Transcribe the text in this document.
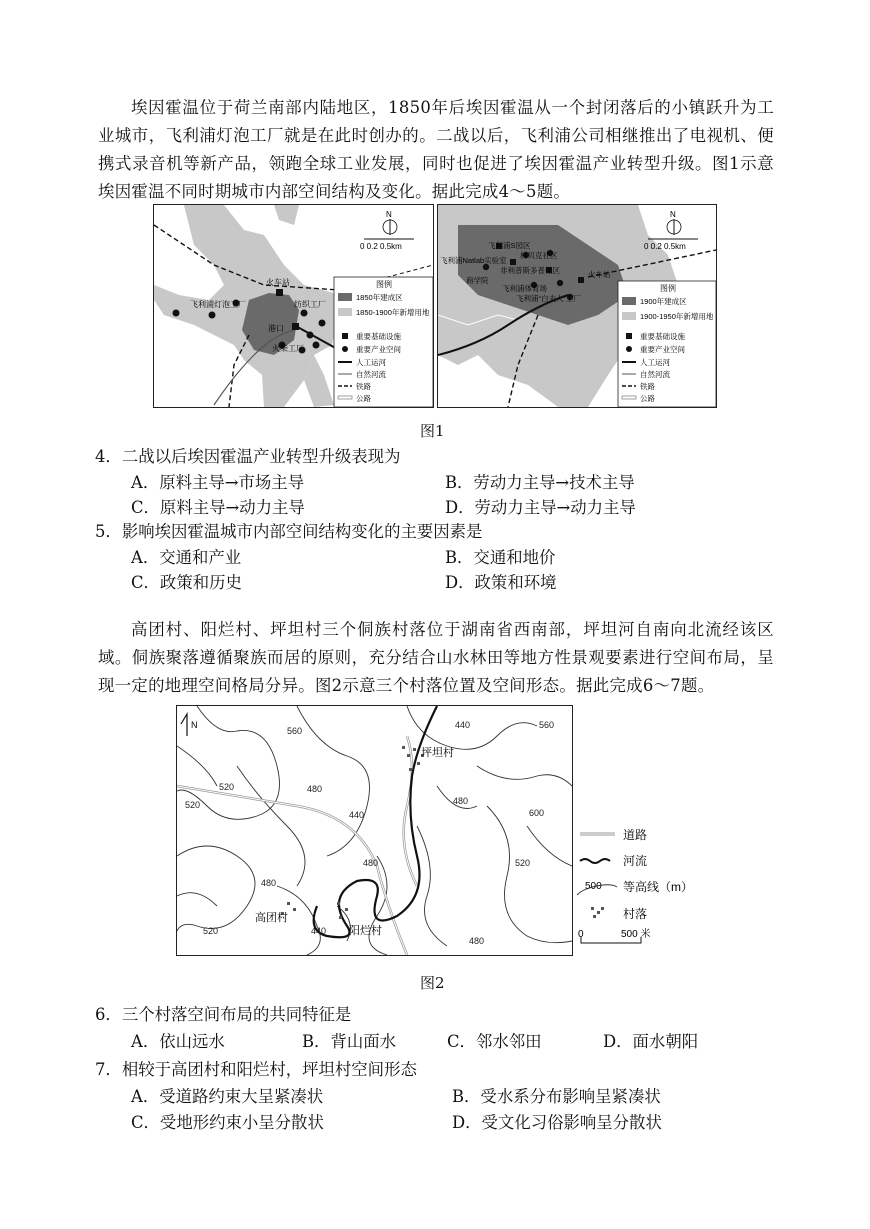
埃因霍温位于荷兰南部内陆地区，1850年后埃因霍温从一个封闭落后的小镇跃升为工业城市，飞利浦灯泡工厂就是在此时创办的。二战以后，飞利浦公司相继推出了电视机、便携式录音机等新产品，领跑全球工业发展，同时也促进了埃因霍温产业转型升级。图1示意埃因霍温不同时期城市内部空间结构及变化。据此完成4～5题。

火车站
飞利浦灯泡工厂	纺织工厂
港口
火柴工厂
N
0 0.2 0.5km
图例
1850年建成区
1850-1900年新增用地
重要基础设施
重要产业空间
人工运河
自然河流
铁路
公路
飞利浦S园区
飞利浦Natlab实验室
林贝克社区
非利普斯多普社区
商学院
火车站
飞利浦体育场
飞利浦“白夫人”工厂
N
0 0.2 0.5km
图例
1900年建成区
1900-1950年新增用地
重要基础设施
重要产业空间
人工运河
自然河流
铁路
公路

图1

4．二战以后埃因霍温产业转型升级表现为

A．原料主导→市场主导	B．劳动力主导→技术主导

C．原料主导→动力主导	D．劳动力主导→动力主导

5．影响埃因霍温城市内部空间结构变化的主要因素是

A．交通和产业	B．交通和地价

C．政策和历史	D．政策和环境

高团村、阳烂村、坪坦村三个侗族村落位于湖南省西南部，坪坦河自南向北流经该区域。侗族聚落遵循聚族而居的原则，充分结合山水林田等地方性景观要素进行空间布局，呈现一定的地理空间格局分异。图2示意三个村落位置及空间形态。据此完成6～7题。

N
坪坦村
高团村
阳烂村
560
440	560
520	480
480
440
480
600
520
480
520	440
480
520
道路
河流
500 等高线（m）
村落
0	500 米

图2

6．三个村落空间布局的共同特征是

A．依山远水	B．背山面水	C．邻水邻田	D．面水朝阳

7．相较于高团村和阳烂村，坪坦村空间形态

A．受道路约束大呈紧凑状	B．受水系分布影响呈紧凑状

C．受地形约束小呈分散状	D．受文化习俗影响呈分散状
